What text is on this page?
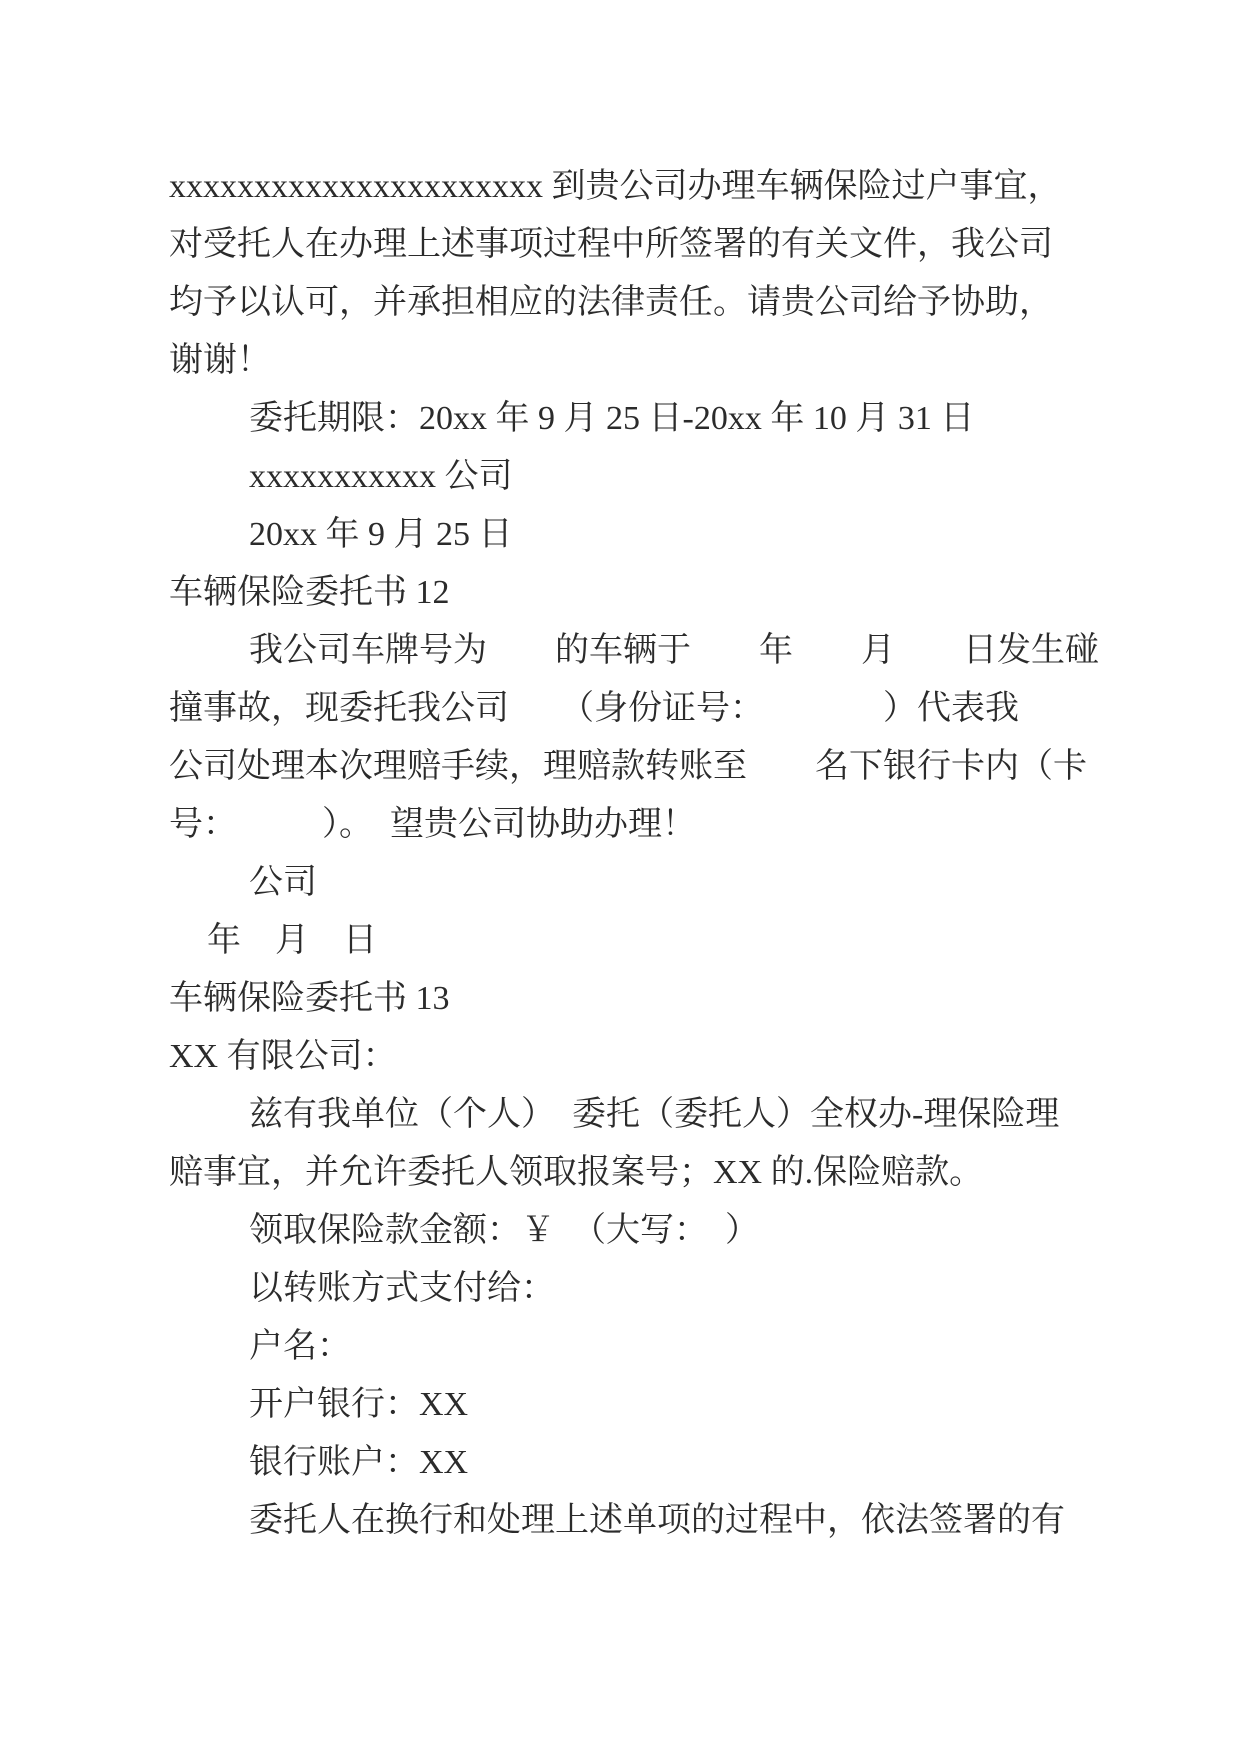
xxxxxxxxxxxxxxxxxxxxxx 到贵公司办理车辆保险过户事宜，
对受托人在办理上述事项过程中所签署的有关文件，我公司
均予以认可，并承担相应的法律责任。请贵公司给予协助，
谢谢！
委托期限：20xx 年 9 月 25 日-20xx 年 10 月 31 日
xxxxxxxxxxx 公司
20xx 年 9 月 25 日
车辆保险委托书 12
我公司车牌号为　　的车辆于　　年　　月　　日发生碰
撞事故，现委托我公司　　（身份证号：　　　　）代表我
公司处理本次理赔手续，理赔款转账至　　名下银行卡内（卡
号：　　　）。　望贵公司协助办理！
公司
年　月　日
车辆保险委托书 13
XX 有限公司：
兹有我单位（个人）　委托（委托人）全权办-理保险理
赔事宜，并允许委托人领取报案号；XX 的.保险赔款。
领取保险款金额：￥　（大写：　）
以转账方式支付给：
户名：
开户银行：XX
银行账户：XX
委托人在换行和处理上述单项的过程中，依法签署的有
